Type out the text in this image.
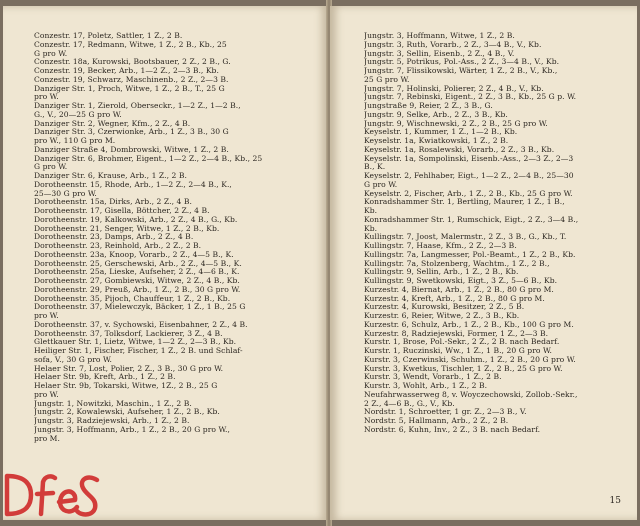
Conzestr. 17, Poletz, Sattler, 1 Z., 2 B.
Conzestr. 17, Redmann, Witwe, 1 Z., 2 B., Kb., 25
G pro W.
Conzestr. 18a, Kurowski, Bootsbauer, 2 Z., 2 B., G.
Conzestr. 19, Becker, Arb., 1—2 Z., 2—3 B., Kb.
Conzestr. 19, Schwarz, Maschinenb., 2 Z., 2—3 B.
Danziger Str. 1, Proch, Witwe, 1 Z., 2 B., T., 25 G
pro W.
Danziger Str. 1, Zierold, Oberseckr., 1—2 Z., 1—2 B.,
G., V., 20—25 G pro W.
Danziger Str. 2, Wegner, Kfm., 2 Z., 4 B.
Danziger Str. 3, Czerwionke, Arb., 1 Z., 3 B., 30 G
pro W., 110 G pro M.
Danziger Straße 4, Dombrowski, Witwe, 1 Z., 2 B.
Danziger Str. 6, Brohmer, Eigent., 1—2 Z., 2—4 B., Kb., 25
G pro W.
Danziger Str. 6, Krause, Arb., 1 Z., 2 B.
Dorotheenstr. 15, Rhode, Arb., 1—2 Z., 2—4 B., K.,
25—30 G pro W.
Dorotheenstr. 15a, Dirks, Arb., 2 Z., 4 B.
Dorotheenstr. 17, Gisella, Böttcher, 2 Z., 4 B.
Dorotheenstr. 19, Kalkowski, Arb., 2 Z., 4 B., G., Kb.
Dorotheenstr. 21, Senger, Witwe, 1 Z., 2 B., Kb.
Dorotheenstr. 23, Damps, Arb., 2 Z., 4 B.
Dorotheenstr. 23, Reinhold, Arb., 2 Z., 2 B.
Dorotheenstr. 23a, Knoop, Vorarb., 2 Z., 4—5 B., K.
Dorotheenstr. 25, Gerschewski, Arb., 2 Z., 4—5 B., K.
Dorotheenstr. 25a, Lieske, Aufseher, 2 Z., 4—6 B., K.
Dorotheenstr. 27, Gombiewski, Witwe, 2 Z., 4 B., Kb.
Dorotheenstr. 29, Preuß, Arb., 1 Z., 2 B., 30 G pro W.
Dorotheenstr. 35, Pijoch, Chauffeur, 1 Z., 2 B., Kb.
Dorotheenstr. 37, Mielewczyk, Bäcker, 1 Z., 1 B., 25 G
pro W.
Dorotheenstr. 37, v. Sychowski, Eisenbahner, 2 Z., 4 B.
Dorotheenstr. 37, Tolksdorf, Lackierer, 3 Z., 4 B.
Glettkauer Str. 1, Lietz, Witwe, 1—2 Z., 2—3 B., Kb.
Heiliger Str. 1, Fischer, Fischer, 1 Z., 2 B. und Schlaf-
sofa, V., 30 G pro W.
Helaer Str. 7, Lost, Polier, 2 Z., 3 B., 30 G pro W.
Helaer Str. 9b, Kreft, Arb., 1 Z., 2 B.
Helaer Str. 9b, Tokarski, Witwe, 1Z., 2 B., 25 G
pro W.
Jungstr. 1, Nowitzki, Maschin., 1 Z., 2 B.
Jungstr. 2, Kowalewski, Aufseher, 1 Z., 2 B., Kb.
Jungstr. 3, Radziejewski, Arb., 1 Z., 2 B.
Jungstr. 3, Hoffmann, Arb., 1 Z., 2 B., 20 G pro W.,
pro M.
Jungstr. 3, Hoffmann, Witwe, 1 Z., 2 B.
Jungstr. 3, Ruth, Vorarb., 2 Z., 3—4 B., V., Kb.
Jungstr. 3, Sellin, Eisenb., 2 Z., 4 B., V.
Jungstr. 5, Potrikus, Pol.-Ass., 2 Z., 3—4 B., V., Kb.
Jungstr. 7, Flissikowski, Wärter, 1 Z., 2 B., V., Kb.,
25 G pro W.
Jungstr. 7, Holinski, Polierer, 2 Z., 4 B., V., Kb.
Jungstr. 7, Rebinski, Eigent., 2 Z., 3 B., Kb., 25 G p. W.
Jungstraße 9, Reier, 2 Z., 3 B., G.
Jungstr. 9, Selke, Arb., 2 Z., 3 B., Kb.
Jungstr. 9, Wischnewski, 2 Z., 2 B., 25 G pro W.
Keyselstr. 1, Kummer, 1 Z., 1—2 B., Kb.
Keyselstr. 1a, Kwiatkowski, 1 Z., 2 B.
Keyselstr. 1a, Rosalewski, Vorarb., 2 Z., 3 B., Kb.
Keyselstr. 1a, Sompolinski, Eisenb.-Ass., 2—3 Z., 2—3
B., K.
Keyselstr. 2, Fehlhaber, Eigt., 1—2 Z., 2—4 B., 25—30
G pro W.
Keyselstr. 2, Fischer, Arb., 1 Z., 2 B., Kb., 25 G pro W.
Konradshammer Str. 1, Bertling, Maurer, 1 Z., 1 B.,
Kb.
Konradshammer Str. 1, Rumschick, Eigt., 2 Z., 3—4 B.,
Kb.
Kullingstr. 7, Joost, Malermstr., 2 Z., 3 B., G., Kb., T.
Kullingstr. 7, Haase, Kfm., 2 Z., 2—3 B.
Kullingstr. 7a, Langmesser, Pol.-Beamt., 1 Z., 2 B., Kb.
Kullingstr. 7a, Stolzenberg, Wachtm., 1 Z., 2 B.,
Kullingstr. 9, Sellin, Arb., 1 Z., 2 B., Kb.
Kullingstr. 9, Swetkowski, Eigt., 3 Z., 5—6 B., Kb.
Kurzestr. 4, Biernat, Arb., 1 Z., 2 B., 80 G pro M.
Kurzestr. 4, Kreft, Arb., 1 Z., 2 B., 80 G pro M.
Kurzestr. 4, Kurowski, Besitzer, 2 Z., 5 B.
Kurzestr. 6, Reier, Witwe, 2 Z., 3 B., Kb.
Kurzestr. 6, Schulz, Arb., 1 Z., 2 B., Kb., 100 G pro M.
Kurzestr. 8, Radziejewski, Former, 1 Z., 2—3 B.
Kurstr. 1, Brose, Pol.-Sekr., 2 Z., 2 B. nach Bedarf.
Kurstr. 1, Ruczinski, Ww., 1 Z., 1 B., 20 G pro W.
Kurstr. 3, Czerwinski, Schuhm., 1 Z., 2 B., 20 G pro W.
Kurstr. 3, Kwetkus, Tischler, 1 Z., 2 B., 25 G pro W.
Kurstr. 3, Wendt, Vorarb., 1 Z., 2 B.
Kurstr. 3, Wohlt, Arb., 1 Z., 2 B.
Neufahrwasserweg 8, v. Woyczechowski, Zollob.-Sekr.,
2 Z., 4—6 B., G., V., Kb.
Nordstr. 1, Schroetter, 1 gr. Z., 2—3 B., V.
Nordstr. 5, Hallmann, Arb., 2 Z., 2 B.
Nordstr. 6, Kuhn, Inv., 2 Z., 3 B. nach Bedarf.
15
